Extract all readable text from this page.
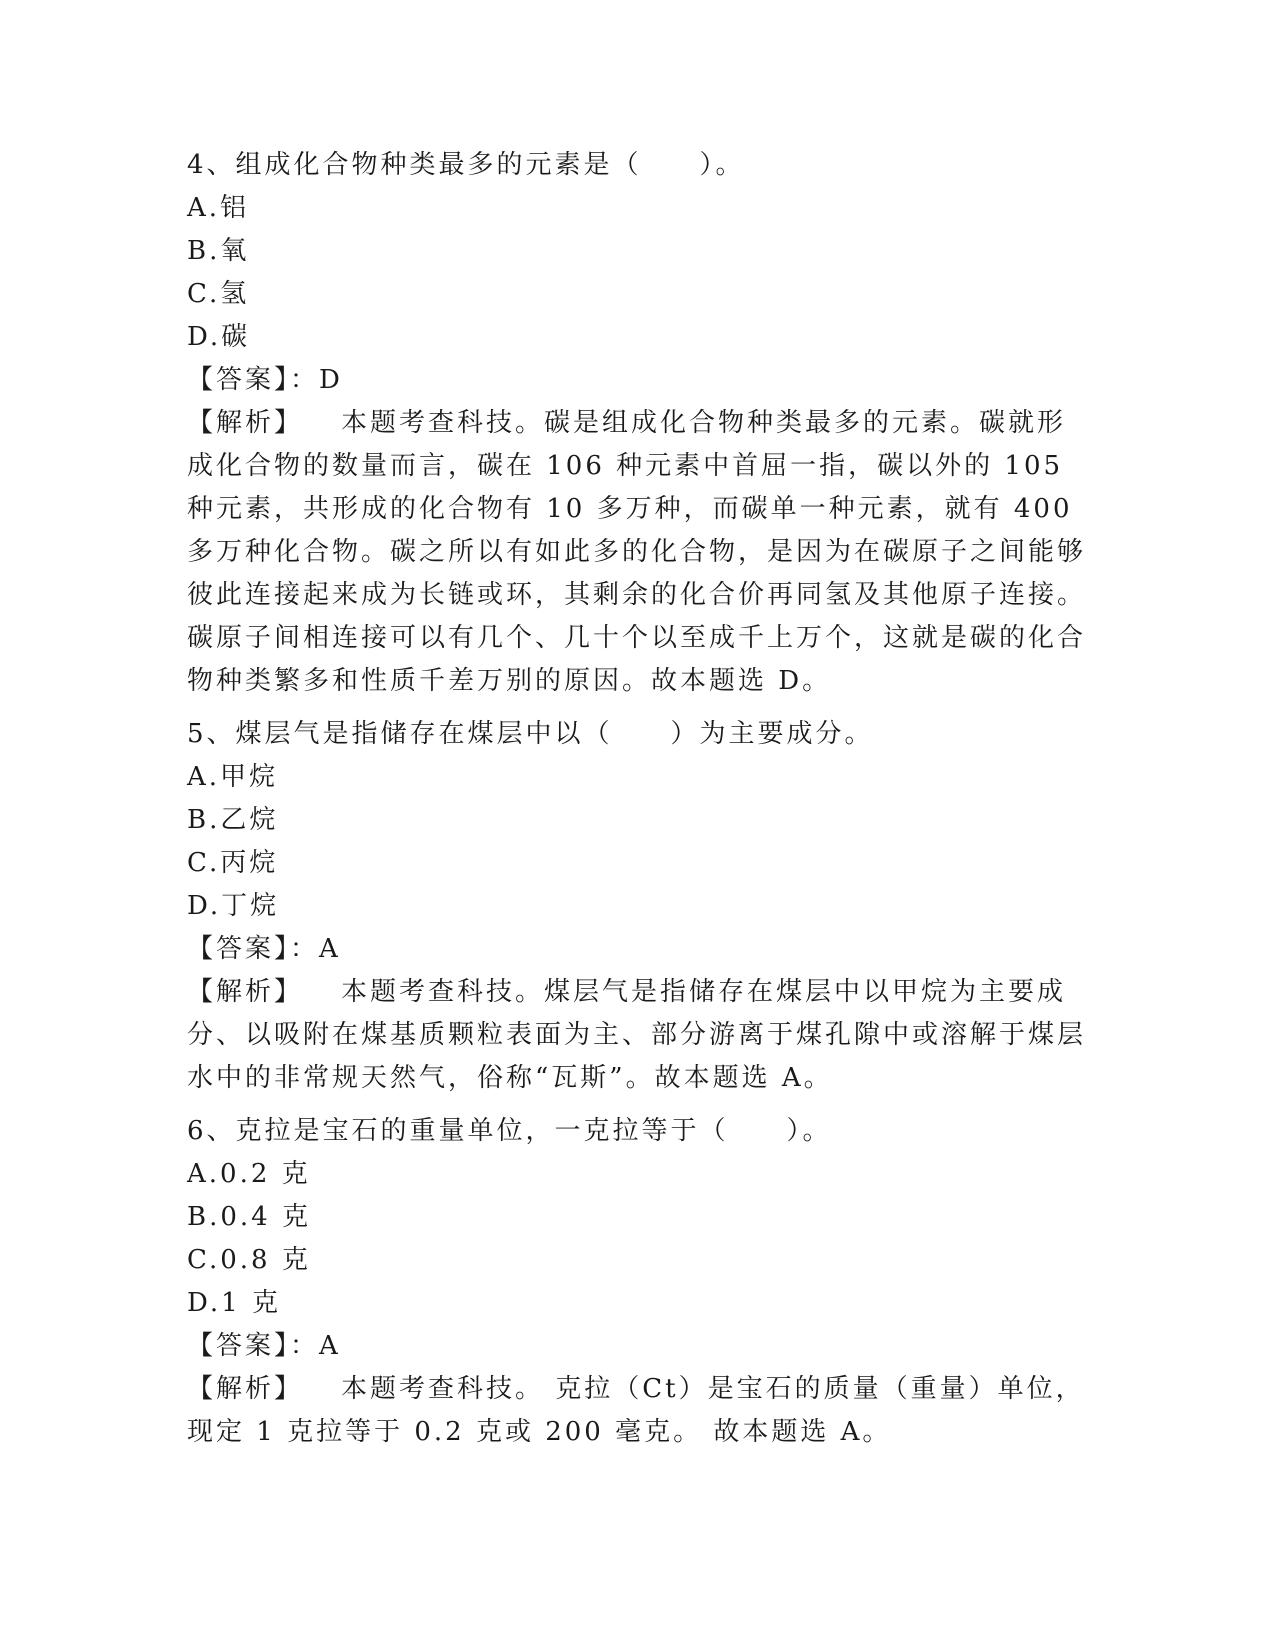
4、组成化合物种类最多的元素是（　　）。
A.铝
B.氧
C.氢
D.碳
【答案】：D
【解析】 本题考查科技。碳是组成化合物种类最多的元素。碳就形成化合物的数量而言，碳在 106 种元素中首屈一指，碳以外的 105 种元素，共形成的化合物有 10 多万种，而碳单一种元素，就有 400 多万种化合物。碳之所以有如此多的化合物，是因为在碳原子之间能够彼此连接起来成为长链或环，其剩余的化合价再同氢及其他原子连接。碳原子间相连接可以有几个、几十个以至成千上万个，这就是碳的化合物种类繁多和性质千差万别的原因。故本题选 D。
5、煤层气是指储存在煤层中以（　　）为主要成分。
A.甲烷
B.乙烷
C.丙烷
D.丁烷
【答案】：A
【解析】 本题考查科技。煤层气是指储存在煤层中以甲烷为主要成分、以吸附在煤基质颗粒表面为主、部分游离于煤孔隙中或溶解于煤层水中的非常规天然气，俗称“瓦斯”。故本题选 A。
6、克拉是宝石的重量单位，一克拉等于（　　）。
A.0.2 克
B.0.4 克
C.0.8 克
D.1 克
【答案】：A
【解析】 本题考查科技。 克拉（Ct）是宝石的质量（重量）单位，现定 1 克拉等于 0.2 克或 200 毫克。 故本题选 A。
